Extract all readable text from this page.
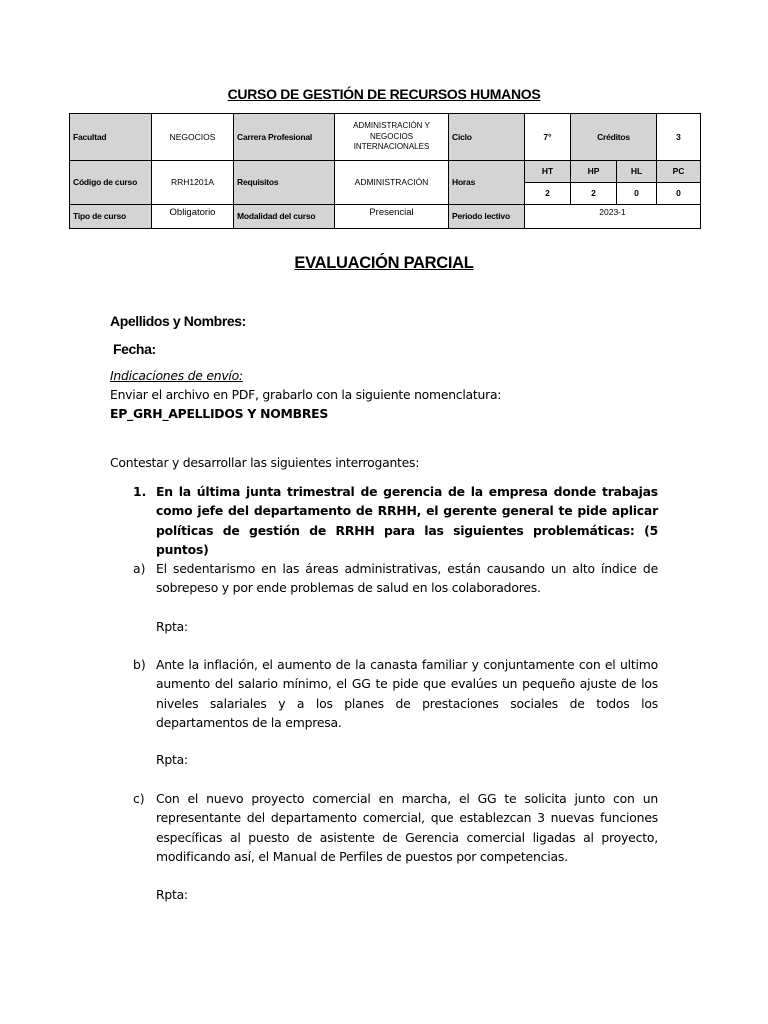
CURSO DE GESTIÓN DE RECURSOS HUMANOS
Facultad	NEGOCIOS	Carrera Profesional	ADMINISTRACIÓN Y NEGOCIOS INTERNACIONALES	Ciclo	7°	Créditos		3
Código de curso	RRH1201A	Requisitos	ADMINISTRACIÓN	Horas	HT	HP	HL	PC
					2	2	0	0
Tipo de curso	Obligatorio	Modalidad del curso	Presencial	Periodo lectivo	2023-1			
EVALUACIÓN PARCIAL
Apellidos y Nombres:
Fecha:
Indicaciones de envío:
Enviar el archivo en PDF, grabarlo con la siguiente nomenclatura:
EP_GRH_APELLIDOS Y NOMBRES
Contestar y desarrollar las siguientes interrogantes:
1. En la última junta trimestral de gerencia de la empresa donde trabajas como jefe del departamento de RRHH, el gerente general te pide aplicar políticas de gestión de RRHH para las siguientes problemáticas: (5 puntos)
a) El sedentarismo en las áreas administrativas, están causando un alto índice de sobrepeso y por ende problemas de salud en los colaboradores.
Rpta:
b) Ante la inflación, el aumento de la canasta familiar y conjuntamente con el ultimo aumento del salario mínimo, el GG te pide que evalúes un pequeño ajuste de los niveles salariales y a los planes de prestaciones sociales de todos los departamentos de la empresa.
Rpta:
c) Con el nuevo proyecto comercial en marcha, el GG te solicita junto con un representante del departamento comercial, que establezcan 3 nuevas funciones específicas al puesto de asistente de Gerencia comercial ligadas al proyecto, modificando así, el Manual de Perfiles de puestos por competencias.
Rpta:
